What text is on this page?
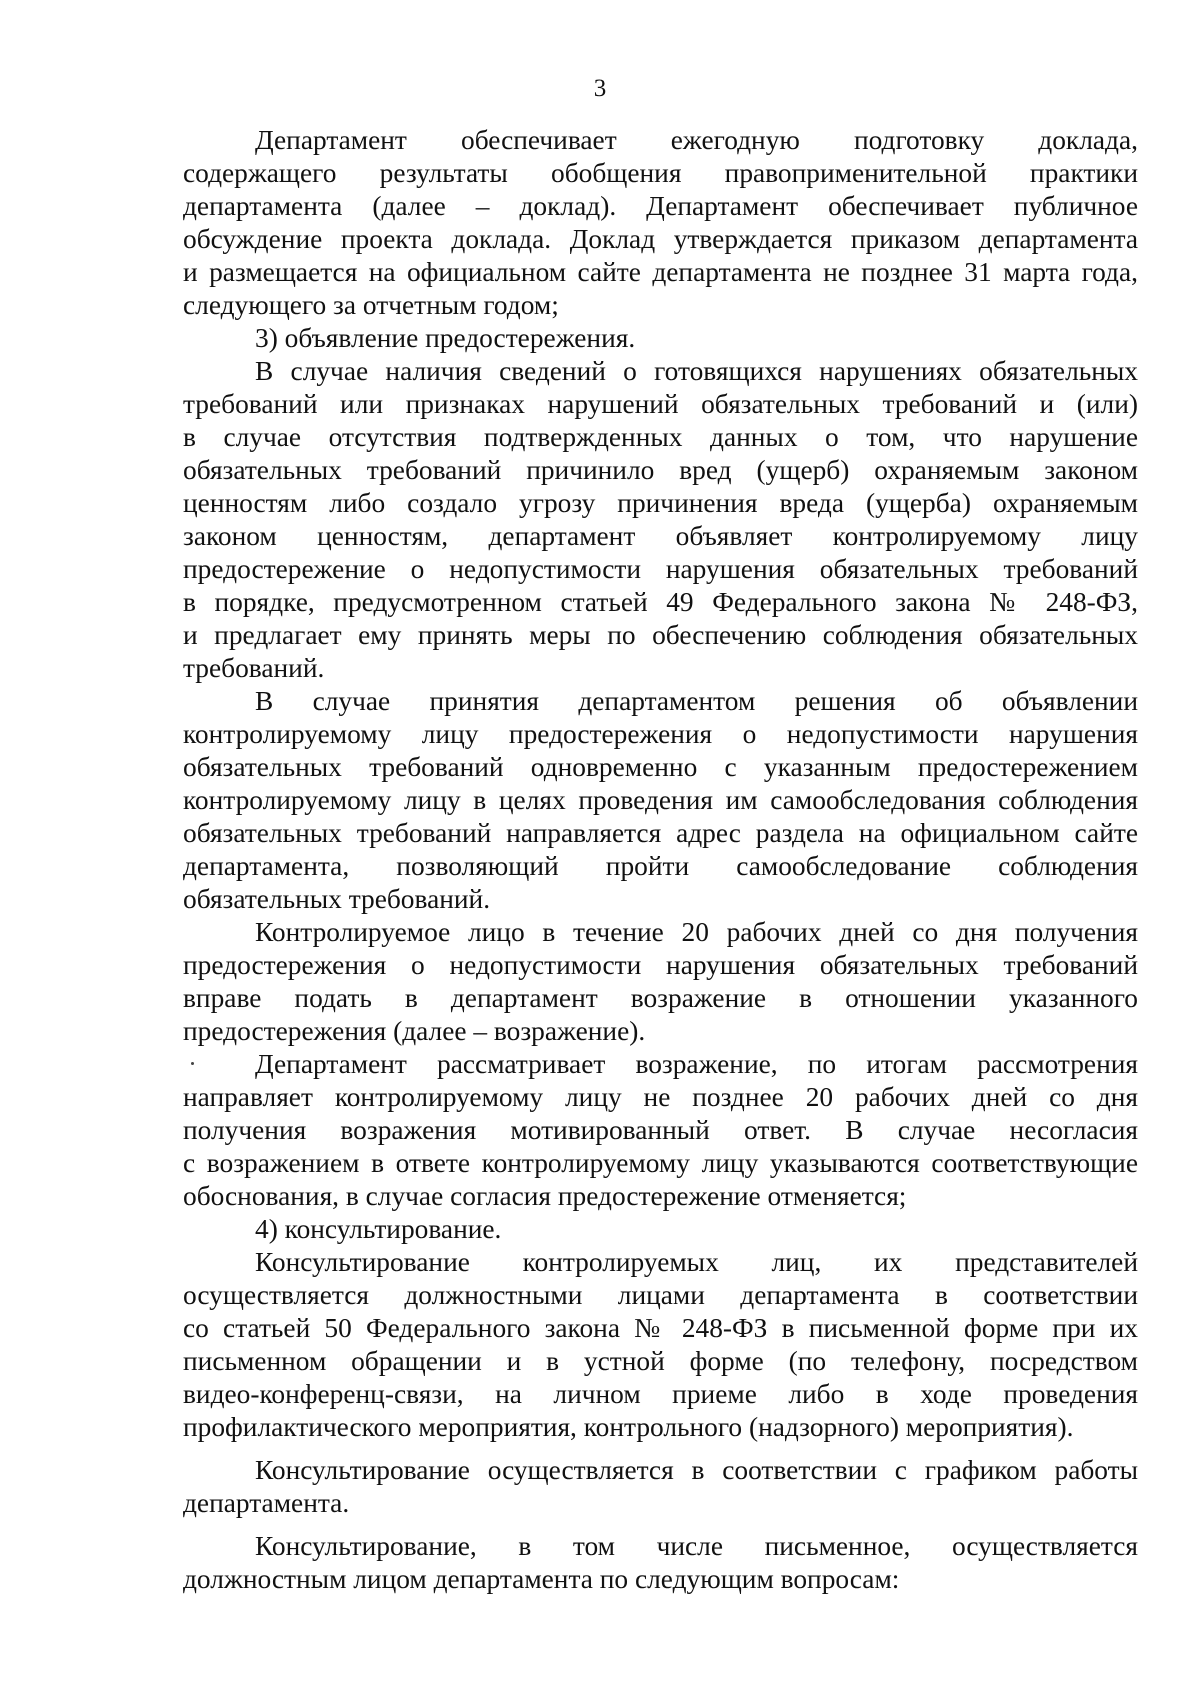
3
Департамент обеспечивает ежегодную подготовку доклада,
содержащего результаты обобщения правоприменительной практики
департамента (далее – доклад). Департамент обеспечивает публичное
обсуждение проекта доклада. Доклад утверждается приказом департамента
и размещается на официальном сайте департамента не позднее 31 марта года,
следующего за отчетным годом;
3) объявление предостережения.
В случае наличия сведений о готовящихся нарушениях обязательных
требований или признаках нарушений обязательных требований и (или)
в случае отсутствия подтвержденных данных о том, что нарушение
обязательных требований причинило вред (ущерб) охраняемым законом
ценностям либо создало угрозу причинения вреда (ущерба) охраняемым
законом ценностям, департамент объявляет контролируемому лицу
предостережение о недопустимости нарушения обязательных требований
в порядке, предусмотренном статьей 49 Федерального закона № 248-ФЗ,
и предлагает ему принять меры по обеспечению соблюдения обязательных
требований.
В случае принятия департаментом решения об объявлении
контролируемому лицу предостережения о недопустимости нарушения
обязательных требований одновременно с указанным предостережением
контролируемому лицу в целях проведения им самообследования соблюдения
обязательных требований направляется адрес раздела на официальном сайте
департамента, позволяющий пройти самообследование соблюдения
обязательных требований.
Контролируемое лицо в течение 20 рабочих дней со дня получения
предостережения о недопустимости нарушения обязательных требований
вправе подать в департамент возражение в отношении указанного
предостережения (далее – возражение).
Департамент рассматривает возражение, по итогам рассмотрения
направляет контролируемому лицу не позднее 20 рабочих дней со дня
получения возражения мотивированный ответ. В случае несогласия
с возражением в ответе контролируемому лицу указываются соответствующие
обоснования, в случае согласия предостережение отменяется;
4) консультирование.
Консультирование контролируемых лиц, их представителей
осуществляется должностными лицами департамента в соответствии
со статьей 50 Федерального закона № 248-ФЗ в письменной форме при их
письменном обращении и в устной форме (по телефону, посредством
видео-конференц-связи, на личном приеме либо в ходе проведения
профилактического мероприятия, контрольного (надзорного) мероприятия).
Консультирование осуществляется в соответствии с графиком работы
департамента.
Консультирование, в том числе письменное, осуществляется
должностным лицом департамента по следующим вопросам:
